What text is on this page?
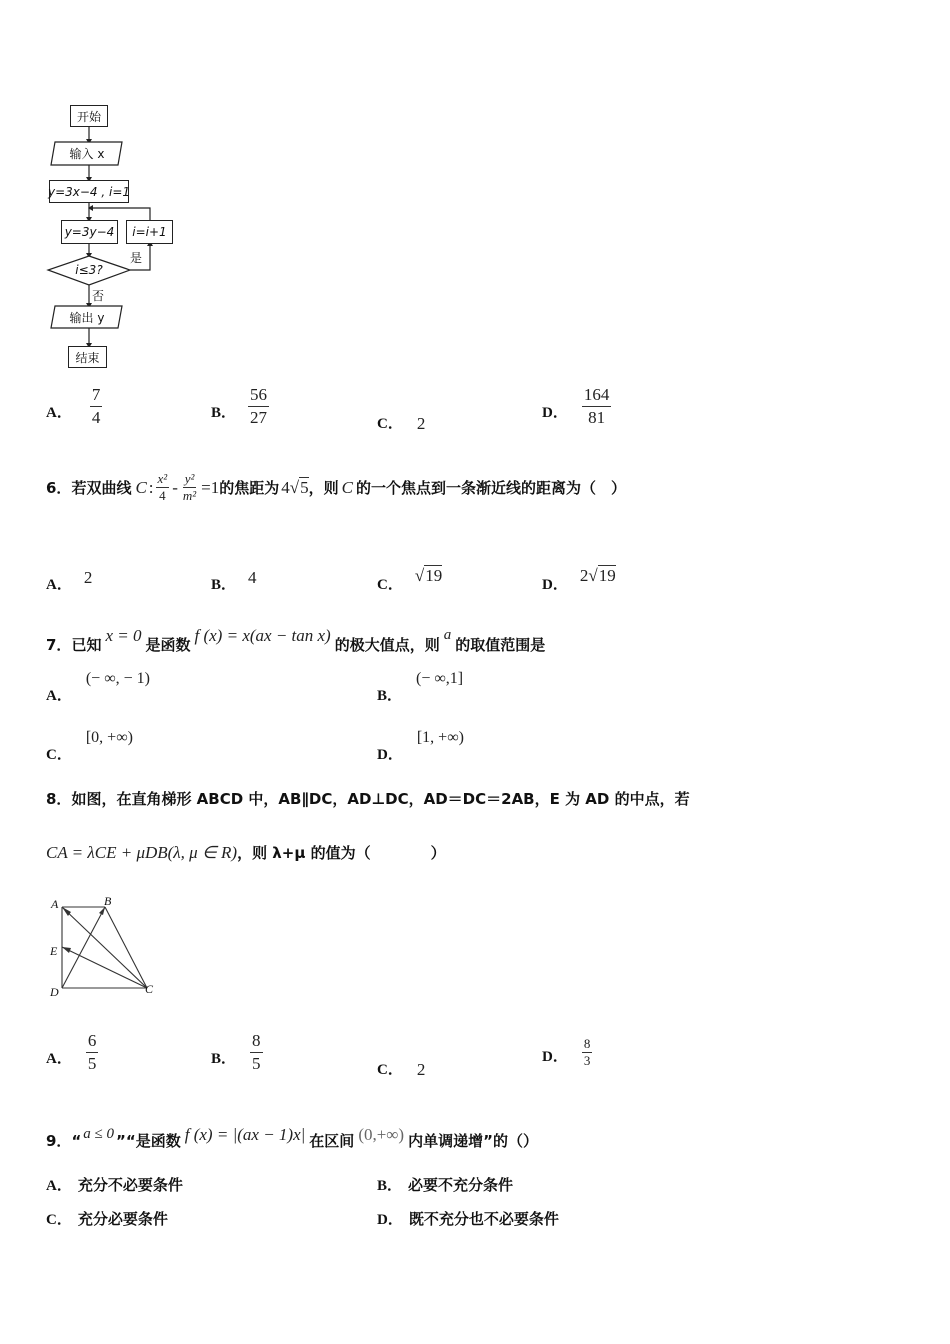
开始
输入 x
y=3x−4 , i=1
y=3y−4 i=i+1
i≤3?
是
否
输出 y
结束
A． $\frac{7}{4}$	B． $\frac{56}{27}$	C． 2
D． $\frac{164}{81}$
6． 若双曲线 C : $\frac{\text{x²}}{4} - \frac{\text{y²}}{\text{m²}} =1$ 的焦距为 4 √ 5 ，则 C 的一个焦点到一条渐近线的距离为（　）
A． 2	B． 4	C．
√ 19	D．
2 √ 19
7． 已知
x = 0
是函数
f (x) = x(ax − tan x)
的极大值点，则
a
的取值范围是
A．
(− ∞, − 1)
B．
(− ∞,1]
C．
[0, +∞)
D．
[1, +∞)
8． 如图，在直角梯形 ABCD 中，AB∥DC，AD⊥DC，AD＝DC＝2AB，E 为 AD 的中点，若
CA = λCE + μDB(λ, μ ∈ R) ，则 λ+μ 的值为（　　　　）
A	B
E
D	C
A． $\frac{6}{5}$	B． $\frac{8}{5}$	C． 2
D． $\frac{8}{3}$
9． “ a ≤ 0 ”“是函数 f (x) = |(ax − 1)x| 在区间 (0,+∞) 内单调递增”的（）
A． 充分不必要条件	B． 必要不充分条件
C． 充分必要条件	D． 既不充分也不必要条件
